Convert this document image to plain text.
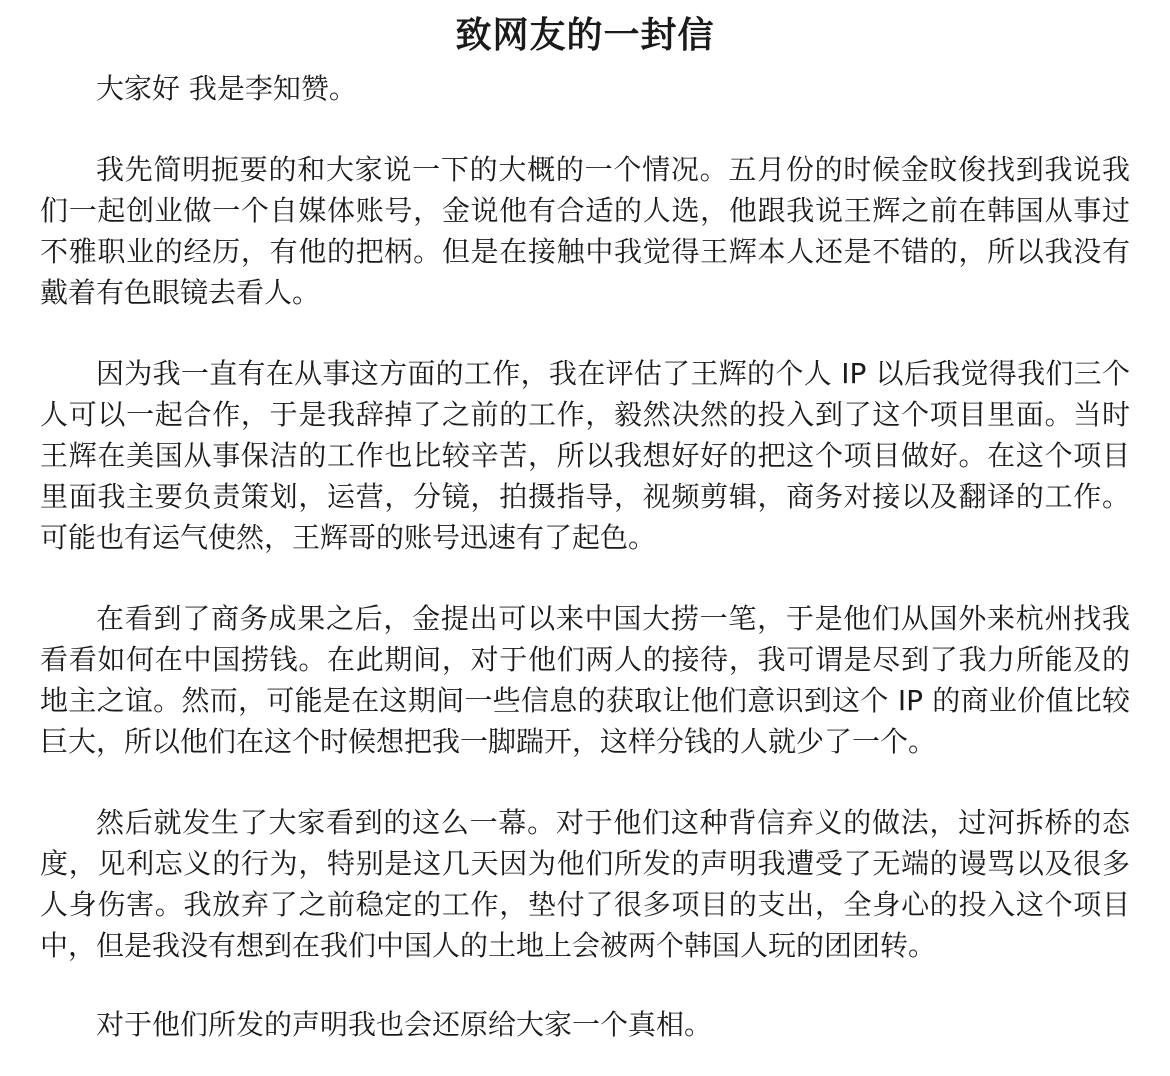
致网友的一封信

大家好 我是李知赞。

我先简明扼要的和大家说一下的大概的一个情况。五月份的时候金旼俊找到我说我们一起创业做一个自媒体账号，金说他有合适的人选，他跟我说王辉之前在韩国从事过不雅职业的经历，有他的把柄。但是在接触中我觉得王辉本人还是不错的，所以我没有戴着有色眼镜去看人。

因为我一直有在从事这方面的工作，我在评估了王辉的个人 IP 以后我觉得我们三个人可以一起合作，于是我辞掉了之前的工作，毅然决然的投入到了这个项目里面。当时王辉在美国从事保洁的工作也比较辛苦，所以我想好好的把这个项目做好。在这个项目里面我主要负责策划，运营，分镜，拍摄指导，视频剪辑，商务对接以及翻译的工作。可能也有运气使然，王辉哥的账号迅速有了起色。

在看到了商务成果之后，金提出可以来中国大捞一笔，于是他们从国外来杭州找我看看如何在中国捞钱。在此期间，对于他们两人的接待，我可谓是尽到了我力所能及的地主之谊。然而，可能是在这期间一些信息的获取让他们意识到这个 IP 的商业价值比较巨大，所以他们在这个时候想把我一脚踹开，这样分钱的人就少了一个。

然后就发生了大家看到的这么一幕。对于他们这种背信弃义的做法，过河拆桥的态度，见利忘义的行为，特别是这几天因为他们所发的声明我遭受了无端的谩骂以及很多人身伤害。我放弃了之前稳定的工作，垫付了很多项目的支出，全身心的投入这个项目中，但是我没有想到在我们中国人的土地上会被两个韩国人玩的团团转。

对于他们所发的声明我也会还原给大家一个真相。
